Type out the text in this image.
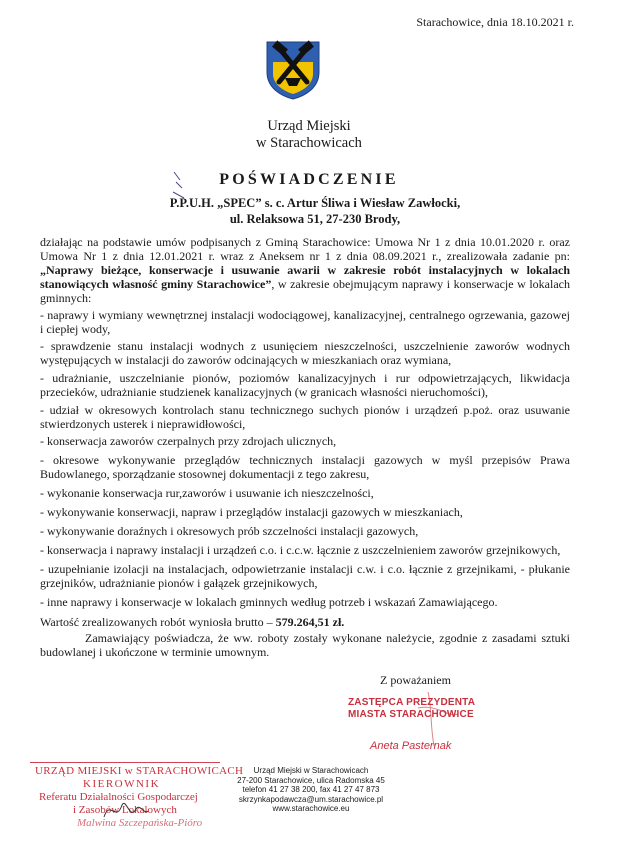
Starachowice, dnia 18.10.2021 r.
Urząd Miejski
w Starachowicach
POŚWIADCZENIE
P.P.U.H. „SPEC” s. c. Artur Śliwa i Wiesław Zawłocki,
ul. Relaksowa 51, 27-230 Brody,
działając na podstawie umów podpisanych z Gminą Starachowice: Umowa Nr 1 z dnia 10.01.2020 r. oraz Umowa Nr 1 z dnia 12.01.2021 r. wraz z Aneksem nr 1 z dnia 08.09.2021 r., zrealizowała zadanie pn: „Naprawy bieżące, konserwacje i usuwanie awarii w zakresie robót instalacyjnych w lokalach stanowiących własność gminy Starachowice”, w zakresie obejmującym naprawy i konserwacje w lokalach gminnych:
- naprawy i wymiany wewnętrznej instalacji wodociągowej, kanalizacyjnej, centralnego ogrzewania, gazowej i ciepłej wody,
- sprawdzenie stanu instalacji wodnych z usunięciem nieszczelności, uszczelnienie zaworów wodnych występujących w instalacji do zaworów odcinających w mieszkaniach oraz wymiana,
- udrażnianie, uszczelnianie pionów, poziomów kanalizacyjnych i rur odpowietrzających, likwidacja przecieków, udrażnianie studzienek kanalizacyjnych (w granicach własności nieruchomości),
- udział w okresowych kontrolach stanu technicznego suchych pionów i urządzeń p.poż. oraz usuwanie stwierdzonych usterek i nieprawidłowości,
- konserwacja zaworów czerpalnych przy zdrojach ulicznych,
- okresowe wykonywanie przeglądów technicznych instalacji gazowych w myśl przepisów Prawa Budowlanego, sporządzanie stosownej dokumentacji z tego zakresu,
- wykonanie konserwacja rur,zaworów i usuwanie ich nieszczelności,
- wykonywanie konserwacji, napraw i przeglądów instalacji gazowych w mieszkaniach,
- wykonywanie doraźnych i okresowych prób szczelności instalacji gazowych,
- konserwacja i naprawy instalacji i urządzeń c.o. i c.c.w. łącznie z uszczelnieniem zaworów grzejnikowych,
- uzupełnianie izolacji na instalacjach, odpowietrzanie instalacji c.w. i c.o. łącznie z grzejnikami, - płukanie grzejników, udrażnianie pionów i gałązek grzejnikowych,
- inne naprawy i konserwacje w lokalach gminnych według potrzeb i wskazań Zamawiającego.
Wartość zrealizowanych robót wyniosła brutto – 579.264,51 zł.
Zamawiający poświadcza, że ww. roboty zostały wykonane należycie, zgodnie z zasadami sztuki budowlanej i ukończone w terminie umownym.
Z poważaniem
ZASTĘPCA PREZYDENTA
MIASTA STARACHOWICE
Aneta Pasternak
URZĄD MIEJSKI w STARACHOWICACH
KIEROWNIK
Referatu Działalności Gospodarczej
i Zasobów Lokalowych
Malwina Szczepańska-Pióro
Urząd Miejski w Starachowicach
27-200 Starachowice, ulica Radomska 45
telefon 41 27 38 200, fax 41 27 47 873
skrzynkapodawcza@um.starachowice.pl
www.starachowice.eu
